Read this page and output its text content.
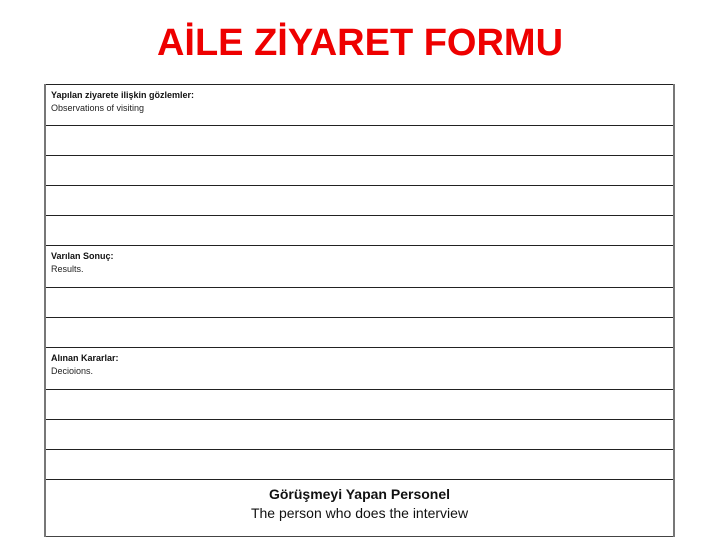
AİLE ZİYARET FORMU
Yapılan ziyarete ilişkin gözlemler:
Observations of visiting
Varılan Sonuç:
Results.
Alınan Kararlar:
Decioions.
Görüşmeyi Yapan Personel
The person who does the interview
